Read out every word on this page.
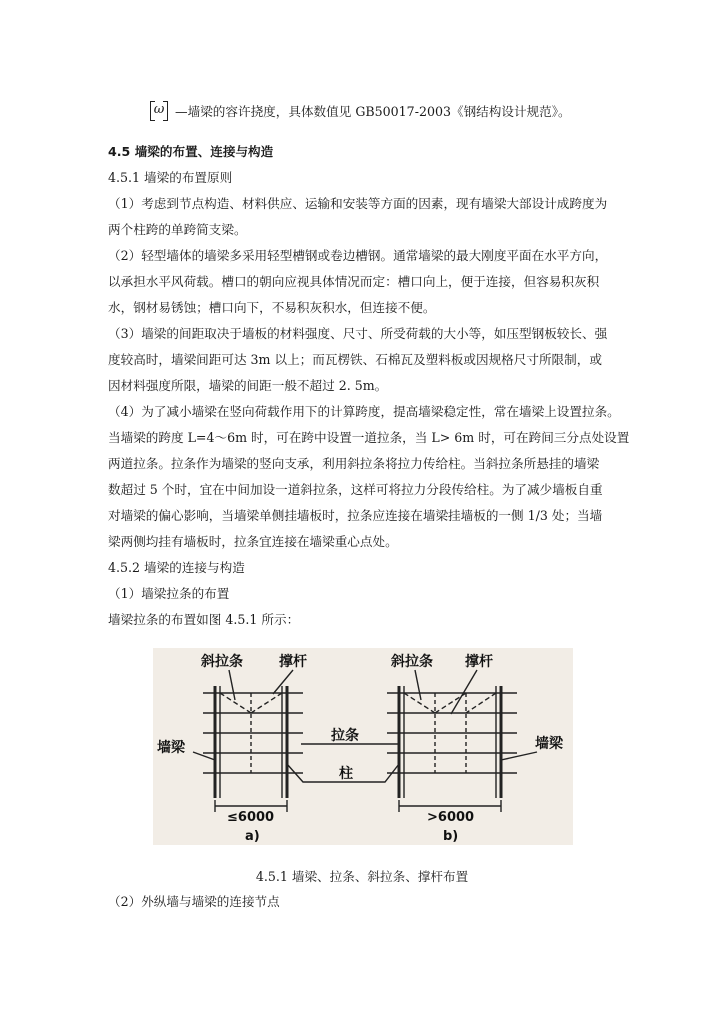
ω —墙梁的容许挠度，具体数值见 GB50017-2003《钢结构设计规范》。
4.5 墙梁的布置、连接与构造
4.5.1 墙梁的布置原则
（1）考虑到节点构造、材料供应、运输和安装等方面的因素，现有墙梁大部设计成跨度为
两个柱跨的单跨简支梁。
（2）轻型墙体的墙梁多采用轻型槽钢或卷边槽钢。通常墙梁的最大刚度平面在水平方向，
以承担水平风荷载。槽口的朝向应视具体情况而定：槽口向上，便于连接，但容易积灰积
水，钢材易锈蚀；槽口向下，不易积灰积水，但连接不便。
（3）墙梁的间距取决于墙板的材料强度、尺寸、所受荷载的大小等，如压型钢板较长、强
度较高时，墙梁间距可达 3m 以上；而瓦楞铁、石棉瓦及塑料板或因规格尺寸所限制，或
因材料强度所限，墙梁的间距一般不超过 2. 5m。
（4）为了减小墙梁在竖向荷载作用下的计算跨度，提高墙梁稳定性，常在墙梁上设置拉条。
当墙梁的跨度 L=4～6m 时，可在跨中设置一道拉条，当 L> 6m 时，可在跨间三分点处设置
两道拉条。拉条作为墙梁的竖向支承，利用斜拉条将拉力传给柱。当斜拉条所悬挂的墙梁
数超过 5 个时，宜在中间加设一道斜拉条，这样可将拉力分段传给柱。为了减少墙板自重
对墙梁的偏心影响，当墙梁单侧挂墙板时，拉条应连接在墙梁挂墙板的一侧 1/3 处；当墙
梁两侧均挂有墙板时，拉条宜连接在墙梁重心点处。
4.5.2 墙梁的连接与构造
（1）墙梁拉条的布置
墙梁拉条的布置如图 4.5.1 所示：
斜拉条	撑杆	斜拉条 撑杆
拉条
柱
墙梁	墙梁
≤6000	>6000
a)	b)
4.5.1 墙梁、拉条、斜拉条、撑杆布置
（2）外纵墙与墙梁的连接节点
